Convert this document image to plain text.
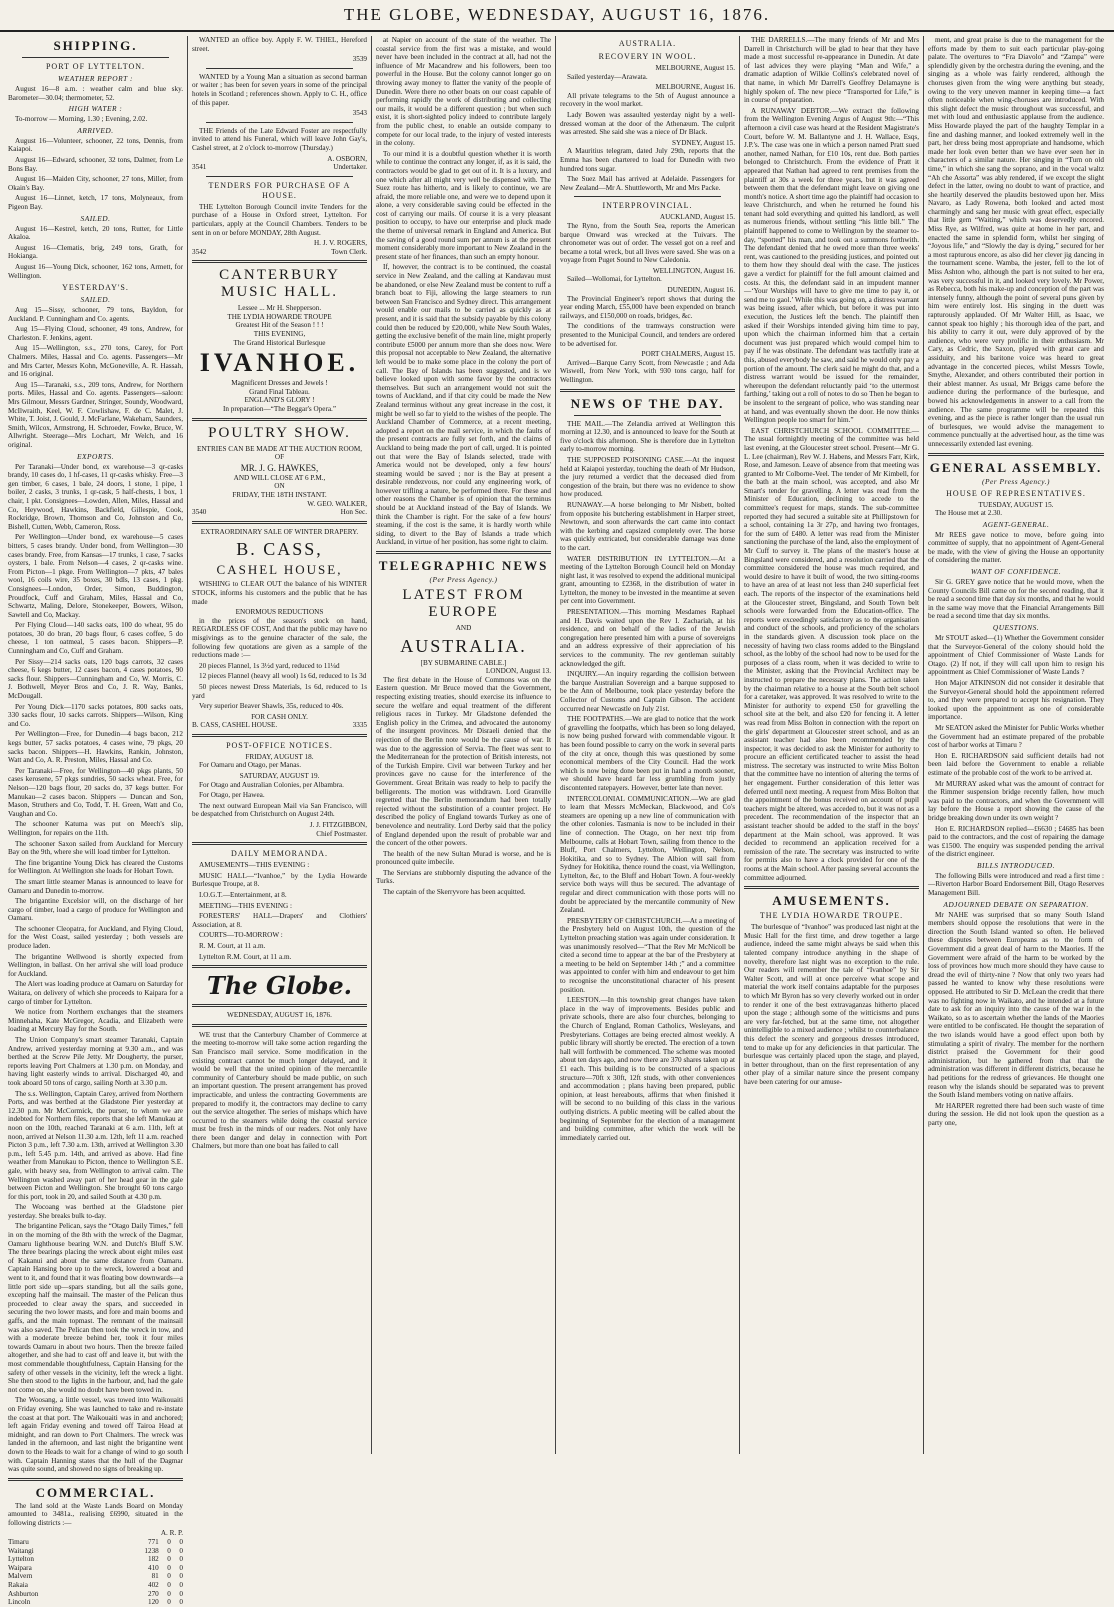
THE GLOBE, WEDNESDAY, AUGUST 16, 1876.
SHIPPING.
PORT OF LYTTELTON.
WEATHER REPORT :

August 16—8 a.m. : weather calm and blue sky. Barometer—30.04; thermometer, 52.

HIGH WATER :

To-morrow — Morning, 1.30 ; Evening, 2.02.

ARRIVED.

August 16—Volunteer, schooner, 22 tons, Dennis, from Kaiapoi.

August 16—Edward, schooner, 32 tons, Dalmer, from Le Bons Bay.

August 16—Maiden City, schooner, 27 tons, Miller, from Okain's Bay.

August 16—Linnet, ketch, 17 tons, Molyneaux, from Pigeon Bay.

SAILED.

August 16—Kestrel, ketch, 20 tons, Rutter, for Little Akaloa.

August 16—Clematis, brig, 249 tons, Grath, for Hokianga.

August 16—Young Dick, schooner, 162 tons, Armett, for Wellington.

YESTERDAY'S.
SAILED.

Aug 15—Sissy, schooner, 79 tons, Bayldon, for Auckland. P. Cunningham and Co. agents.

Aug 15—Flying Cloud, schooner, 49 tons, Andrew, for Charleston. F. Jenkins, agent.

Aug 15—Wellington, s.s., 270 tons, Carey, for Port Chalmers. Miles, Hassal and Co. agents. Passengers—Mr and Mrs Carter, Messrs Kohn, McGoneville, A. R. Hassah, and 16 original.

Aug 15—Taranaki, s.s., 209 tons, Andrew, for Northern ports. Miles, Hassal and Co. agents. Passengers—saloon: Mrs Gilmour, Messrs Gardner, Stringer, Soundy, Woodward, McIlwraith, Keel, W. F. Cowlishaw, F. de C. Malet, J. White, T. Joist, J. Gould, J. McFarlane, Wakeham, Saunders, Smith, Wilcox, Armstrong, H. Schroeder, Fowke, Bruce, W. Allwright. Steerage—Mrs Lochart, Mr Welch, and 16 original.

EXPORTS.

Per Taranaki—Under bond, ex warehouse—3 qr-casks brandy, 10 cases do, 1 hf-cases, 11 qr-casks whisky. Free—3 gen timber, 6 cases, 1 bale, 24 doors, 1 stone, 1 pipe, 1 boiler, 2 casks, 3 trunks, 1 qr-cask, 5 half-chests, 1 box, 1 chair, 1 pkt. Consignees—Lowden, Allen, Miles, Hassal and Co, Heywood, Hawkins, Backfield, Gillespie, Cook, Rockridge, Brown, Thomson and Co, Johnston and Co, Bishell, Cutten, Webb, Cameron, Ross.

Per Wellington—Under bond, ex warehouse—5 cases bitters, 5 cases brandy. Under bond, from Wellington—30 cases brandy. Free, from Kansas—17 trunks, 1 case, 7 sacks oysters, 1 bale. From Nelson—4 cases, 2 qr-casks wine. From Picton—1 pkge. From Wellington—7 pkts, 47 bales wool, 16 coils wire, 35 boxes, 30 bdls, 13 cases, 1 pkg. Consignees—London, Order, Simon, Buddington, Proudfock, Cuff and Graham, Miles, Hassal and Co, Schwartz, Maling, Delore, Stonekeeper, Bowers, Wilson, Sawtell and Co, Mackay.

Per Flying Cloud—140 sacks oats, 100 do wheat, 95 do potatoes, 30 do bran, 20 bags flour, 6 cases coffee, 5 do cheese, 1 ton oatmeal, 5 cases bacon. Shippers—P. Cunningham and Co, Cuff and Graham.

Per Sissy—214 sacks oats, 120 bags carrots, 32 cases cheese, 6 kegs butter, 12 cases bacon, 4 cases potatoes, 90 sacks flour. Shippers—Cunningham and Co, W. Morris, C. J. Bothwell, Meyer Bros and Co, J. R. Way, Banks, McDougall.

Per Young Dick—1170 sacks potatoes, 800 sacks oats, 330 sacks flour, 10 sacks carrots. Shippers—Wilson, King and Co.

Per Wellington—Free, for Dunedin—4 bags bacon, 212 kegs butter, 57 sacks potatoes, 4 cases wine, 79 pkgs, 20 sacks bacon. Shippers—H. Hawkins, Rankin, Johnston, Watt and Co, A. R. Preston, Miles, Hassal and Co.

Per Taranaki—Free, for Wellington—40 pkgs plants, 50 cases kerosene, 57 pkgs sundries, 50 sacks wheat. Free, for Nelson—120 bags flour, 20 sacks do, 37 kegs butter. For Manukau—2 cases bacon. Shippers — Duncan and Son, Mason, Struthers and Co, Todd, T. H. Green, Watt and Co, Vaughan and Co.

The schooner Katuma was put on Meech's slip, Wellington, for repairs on the 11th.

The schooner Saxon sailed from Auckland for Mercury Bay on the 9th, where she will load timber for Lyttelton.

The fine brigantine Young Dick has cleared the Customs for Wellington. At Wellington she loads for Hobart Town.

The smart little steamer Manas is announced to leave for Oamaru and Dunedin to-morrow.

The brigantine Excelsior will, on the discharge of her cargo of timber, load a cargo of produce for Wellington and Oamaru.

The schooner Cleopatra, for Auckland, and Flying Cloud, for the West Coast, sailed yesterday ; both vessels are produce laden.

The brigantine Wellwood is shortly expected from Wellington, in ballast. On her arrival she will load produce for Auckland.

The Alert was loading produce at Oamaru on Saturday for Waitara, on delivery of which she proceeds to Kaipara for a cargo of timber for Lyttelton.

We notice from Northern exchanges that the steamers Minnehaha, Kate McGregor, Acadia, and Elizabeth were loading at Mercury Bay for the South.

The Union Company's smart steamer Taranaki, Captain Andrew, arrived yesterday morning at 9.30 a.m., and was berthed at the Screw Pile Jetty. Mr Dougherty, the purser, reports leaving Port Chalmers at 1.30 p.m. on Monday, and having light easterly winds to arrival. Discharged 40, and took aboard 50 tons of cargo, sailing North at 3.30 p.m.

The s.s. Wellington, Captain Carey, arrived from Northern Ports, and was berthed at the Gladstone Pier yesterday at 12.30 p.m. Mr McCormick, the purser, to whom we are indebted for Northern files, reports that she left Manukau at noon on the 10th, reached Taranaki at 6 a.m. 11th, left at noon, arrived at Nelson 11.30 a.m. 12th, left 11 a.m. reached Picton 3 p.m., left 7.30 a.m. 13th, arrived at Wellington 3.30 p.m., left 5.45 p.m. 14th, and arrived as above. Had fine weather from Manukau to Picton, thence to Wellington S.E. gale, with heavy sea, from Wellington to arrival calm. The Wellington washed away part of her head gear in the gale between Picton and Wellington. She brought 60 tons cargo for this port, took in 20, and sailed South at 4.30 p.m.

The Wocoang was berthed at the Gladstone pier yesterday. She breaks bulk to-day.

The brigantine Pelican, says the “Otago Daily Times,” fell in on the morning of the 8th with the wreck of the Dagmar, Oamaru lighthouse bearing W.N. and Dutch's Bluff S.W. The three bearings placing the wreck about eight miles east of Kakanui and about the same distance from Oamaru. Captain Hansing bore up to the wreck, lowered a boat and went to it, and found that it was floating bow downwards—a little port side up—spars standing, but all the sails gone, excepting half the mainsail. The master of the Pelican thus proceeded to clear away the spars, and succeeded in securing the two lower masts, and fore and main booms and gaffs, and the main topmast. The remnant of the mainsail was also saved. The Pelican then took the wreck in tow, and with a moderate breeze behind her, took it four miles towards Oamaru in about two hours. Then the breeze failed altogether, and she had to cast off and leave it, but with the most commendable thoughtfulness, Captain Hansing for the safety of other vessels in the vicinity, left the wreck a light. She then stood to the lights in the harbour, and, had the gale not come on, she would no doubt have been towed in.

The Woosang, a little vessel, was towed into Waikouaiti on Friday evening. She was launched to take and re-instate the coast at that port. The Waikouaiti was in and anchored; left again Friday evening and towed off Tairoa Head at midnight, and ran down to Port Chalmers. The wreck was landed in the afternoon, and last night the brigantine went down to the Heads to wait for a change of wind to go south with. Captain Hanning states that the hull of the Dagmar was quite sound, and showed no signs of breaking up.

COMMERCIAL.

The land sold at the Waste Lands Board on Monday amounted to 3481a., realising £6990, situated in the following districts :—

A. R. P.
Timaru	771	0	0
Waitangi	1238	0	0
Lyttelton	182	0	0
Waipara	410	0	0
Malvern	81	0	0
Rakaia	402	0	0
Ashburton	270	0	0
Lincoln	120	0	0

WANTED an office boy. Apply F. W. THIEL, Hereford street.

3539

WANTED by a Young Man a situation as second barman or waiter ; has been for seven years in some of the principal hotels in Scotland ; references shown. Apply to C. H., office of this paper.

3543

THE Friends of the Late Edward Foster are respectfully invited to attend his Funeral, which will leave John Gay's, Cashel street, at 2 o'clock to-morrow (Thursday.)

A. OSBORN,
3541	Undertaker.
TENDERS FOR PURCHASE OF A HOUSE.

THE Lyttelton Borough Council invite Tenders for the purchase of a House in Oxford street, Lyttelton. For particulars, apply at the Council Chambers. Tenders to be sent in on or before MONDAY, 28th August.

H. J. V. ROGERS,
3542	Town Clerk.
CANTERBURY MUSIC HALL.
Lessee ... Mr H. Shepperson.
THE LYDIA HOWARDE TROUPE
Greatest Hit of the Season ! ! !
THIS EVENING,
The Grand Historical Burlesque
IVANHOE.
Magnificent Dresses and Jewels !
Grand Final Tableau.
ENGLAND'S GLORY !
In preparation—“The Beggar's Opera.”
POULTRY SHOW.
ENTRIES CAN BE MADE AT THE AUCTION ROOM,
OF
MR. J. G. HAWKES,
AND WILL CLOSE AT 6 P.M.,
ON
FRIDAY, THE 18TH INSTANT.
W. GEO. WALKER,
3540	Hon Sec.
EXTRAORDINARY SALE OF WINTER DRAPERY.
B. CASS,
CASHEL HOUSE,

WISHING to CLEAR OUT the balance of his WINTER STOCK, informs his customers and the public that he has made

ENORMOUS REDUCTIONS

in the prices of the season's stock on hand, REGARDLESS OF COST, And that the public may have no misgivings as to the genuine character of the sale, the following few quotations are given as a sample of the reductions made :—

20 pieces Flannel, 1s 3½d yard, reduced to 11¼d

12 pieces Flannel (heavy all wool) 1s 6d, reduced to 1s 3d

50 pieces newest Dress Materials, 1s 6d, reduced to 1s yard

Very superior Beaver Shawls, 35s, reduced to 40s.

FOR CASH ONLY.
B. CASS, CASHEL HOUSE.	3335
POST-OFFICE NOTICES.
FRIDAY, AUGUST 18.

For Oamaru and Otago, per Manas.

SATURDAY, AUGUST 19.

For Otago and Australian Colonies, per Albambra.

For Otago, per Hawea.

The next outward European Mail via San Francisco, will be despatched from Christchurch on August 24th.

J. J. FITZGIBBON,
Chief Postmaster.
DAILY MEMORANDA.

AMUSEMENTS—THIS EVENING :

MUSIC HALL—“Ivanhoe,” by the Lydia Howarde Burlesque Troupe, at 8.

I.O.G.T.—Entertainment, at 8.

MEETING—THIS EVENING :

FORESTERS' HALL—Drapers' and Clothiers' Association, at 8.

COURTS—TO-MORROW :

R. M. Court, at 11 a.m.

Lyttelton R.M. Court, at 11 a.m.

The Globe.
WEDNESDAY, AUGUST 16, 1876.

WE trust that the Canterbury Chamber of Commerce at the meeting to-morrow will take some action regarding the San Francisco mail service. Some modification in the existing contract cannot be much longer delayed, and it would be well that the united opinion of the mercantile community of Canterbury should be made public, on such an important question. The present arrangement has proved impracticable, and unless the contracting Governments are prepared to modify it, the contractors may decline to carry out the service altogether. The series of mishaps which have occurred to the steamers while doing the coastal service must be fresh in the minds of our readers. Not only have there been danger and delay in connection with Port Chalmers, but more than one boat has failed to call

at Napier on account of the state of the weather. The coastal service from the first was a mistake, and would never have been included in the contract at all, had not the influence of Mr Macandrew and his followers, been too powerful in the House. But the colony cannot longer go on throwing away money to flatter the vanity of the people of Dunedin. Were there no other boats on our coast capable of performing rapidly the work of distributing and collecting our mails, it would be a different question ; but when such exist, it is short-sighted policy indeed to contribute largely from the public chest, to enable an outside company to compete for our local trade, to the injury of vested interests in the colony.

To our mind it is a doubtful question whether it is worth while to continue the contract any longer, if, as it is said, the contractors would be glad to get out of it. It is a luxury, and one which after all might very well be dispensed with. The Suez route has hitherto, and is likely to continue, we are afraid, the more reliable one, and were we to depend upon it alone, a very considerable saving could be effected in the cost of carrying our mails. Of course it is a very pleasant position to occupy, to have our enterprise and pluck made the theme of universal remark in England and America. But the saving of a good round sum per annum is at the present moment considerably more important to New Zealand in the present state of her finances, than such an empty honour.

If, however, the contract is to be continued, the coastal service in New Zealand, and the calling at Kandavau must be abandoned, or else New Zealand must be content to ruff a branch boat to Fiji, allowing the large steamers to run between San Francisco and Sydney direct. This arrangement would enable our mails to be carried as quickly as at present, and it is said that the subsidy payable by this colony could then be reduced by £20,000, while New South Wales, getting the exclusive benefit of the main line, might properly contribute £5000 per annum more than she does now. Were this proposal not acceptable to New Zealand, the alternative left would be to make some place in the colony the port of call. The Bay of Islands has been suggested, and is we believe looked upon with some favor by the contractors themselves. But such an arrangement would not suit the towns of Auckland, and if that city could be made the New Zealand terminus without any great increase in the cost, it might be well so far to yield to the wishes of the people. The Auckland Chamber of Commerce, at a recent meeting, adopted a report on the mail service, in which the faults of the present contracts are fully set forth, and the claims of Auckland to being made the port of call, urged. It is pointed out that were the Bay of Islands selected, trade with America would not be developed, only a few hours' steaming would be saved ; nor is the Bay at present a desirable rendezvous, nor could any engineering work, of however trifling a nature, be performed there. For these and other reasons the Chamber is of opinion that the terminus should be at Auckland instead of the Bay of Islands. We think the Chamber is right. For the sake of a few hours' steaming, if the cost is the same, it is hardly worth while siding, to divert to the Bay of Islands a trade which Auckland, in virtue of her position, has some right to claim.

TELEGRAPHIC NEWS
(Per Press Agency.)
LATEST FROM EUROPE
AND
AUSTRALIA.
[BY SUBMARINE CABLE.]
LONDON, August 13.

The first debate in the House of Commons was on the Eastern question. Mr Bruce moved that the Government, respecting existing treaties, should exercise its influence to secure the welfare and equal treatment of the different religious races in Turkey. Mr Gladstone defended the English policy in the Crimea, and advocated the autonomy of the insurgent provinces. Mr Disraeli denied that the rejection of the Berlin note would be the cause of war. It was due to the aggression of Servia. The fleet was sent to the Mediterranean for the protection of British interests, not of the Turkish Empire. Civil war between Turkey and her provinces gave no cause for the interference of the Government. Great Britain was ready to help to pacify the belligerents. The motion was withdrawn. Lord Granville regretted that the Berlin memorandum had been totally rejected without the substitution of a counter project. He described the policy of England towards Turkey as one of benevolence and neutrality. Lord Derby said that the policy of England depended upon the result of probable war and the concert of the other powers.

The health of the new Sultan Murad is worse, and he is pronounced quite imbecile.

The Servians are stubbornly disputing the advance of the Turks.

The captain of the Skerryvore has been acquitted.

AUSTRALIA.
RECOVERY IN WOOL.
MELBOURNE, August 15.

Sailed yesterday—Arawata.

MELBOURNE, August 16.

All private telegrams to the 5th of August announce a recovery in the wool market.

Lady Bowen was assaulted yesterday night by a well-dressed woman at the door of the Athenæum. The culprit was arrested. She said she was a niece of Dr Black.

SYDNEY, August 15.

A Mauritius telegram, dated July 29th, reports that the Emma has been chartered to load for Dunedin with two hundred tons sugar.

The Suez Mail has arrived at Adelaide. Passengers for New Zealand—Mr A. Shuttleworth, Mr and Mrs Packe.

INTERPROVINCIAL.
AUCKLAND, August 15.

The Ryno, from the South Sea, reports the American barque Onward was wrecked at the Tuivars. The chronometer was out of order. The vessel got on a reef and became a total wreck, but all lives were saved. She was on a voyage from Puget Sound to New Caledonia.

WELLINGTON, August 16.

Sailed—Wollomai, for Lyttelton.

DUNEDIN, August 16.

The Provincial Engineer's report shows that during the year ending March, £55,000 have been expended on branch railways, and £150,000 on roads, bridges, &c.

The conditions of the tramways construction were presented to the Municipal Council, and tenders are ordered to be advertised for.

PORT CHALMERS, August 15.

Arrived—Barque Carry Scott, from Newcastle ; and Ada Wiswell, from New York, with 930 tons cargo, half for Wellington.

NEWS OF THE DAY.

THE MAIL.—The Zelandia arrived at Wellington this morning at 12.30, and is announced to leave for the South at five o'clock this afternoon. She is therefore due in Lyttelton early to-morrow morning.

THE SUPPOSED POISONING CASE.—At the inquest held at Kaiapoi yesterday, touching the death of Mr Hudson, the jury returned a verdict that the deceased died from congestion of the brain, but there was no evidence to show how produced.

RUNAWAY.—A horse belonging to Mr Nisbett, bolted from opposite his butchering establishment in Harper street, Newtown, and soon afterwards the cart came into contact with the kerbing and capsized completely over. The horse was quickly extricated, but considerable damage was done to the cart.

WATER DISTRIBUTION IN LYTTELTON.—At a meeting of the Lyttelton Borough Council held on Monday night last, it was resolved to expend the additional municipal grant, amounting to £2368, in the distribution of water in Lyttelton, the money to be invested in the meantime at seven per cent into Government.

PRESENTATION.—This morning Mesdames Raphael and H. Davis waited upon the Rev I. Zachariah, at his residence, and on behalf of the ladies of the Jewish congregation here presented him with a purse of sovereigns and an address expressive of their appreciation of his services to the community. The rev gentleman suitably acknowledged the gift.

INQUIRY.—An inquiry regarding the collision between the barque Australian Sovereign and a barque supposed to be the Ann of Melbourne, took place yesterday before the Collector of Customs and Captain Gibson. The accident occurred near Newcastle on July 21st.

THE FOOTPATHS.—We are glad to notice that the work of gravelling the footpaths, which has been so long delayed, is now being pushed forward with commendable vigour. It has been found possible to carry on the work in several parts of the city at once, though this was questioned by some economical members of the City Council. Had the work which is now being done been put in hand a month sooner, we should have heard far less grumbling from justly discontented ratepayers. However, better late than never.

INTERCOLONIAL COMMUNICATION.—We are glad to learn that Messrs McMeckan, Blackwood, and Co's steamers are opening up a new line of communication with the other colonies. Tasmania is now to be included in their line of connection. The Otago, on her next trip from Melbourne, calls at Hobart Town, sailing from thence to the Bluff, Port Chalmers, Lyttelton, Wellington, Nelson, Hokitika, and so to Sydney. The Albion will sail from Sydney for Hokitika, thence round the coast, via Wellington, Lyttelton, &c, to the Bluff and Hobart Town. A four-weekly service both ways will thus be secured. The advantage of regular and direct communication with those ports will no doubt be appreciated by the mercantile community of New Zealand.

PRESBYTERY OF CHRISTCHURCH.—At a meeting of the Presbytery held on August 10th, the question of the Lyttelton preaching station was again under consideration. It was unanimously resolved—“That the Rev Mr McNicoll be cited a second time to appear at the bar of the Presbytery at a meeting to be held on September 14th ;” and a committee was appointed to confer with him and endeavour to get him to recognise the unconstitutional character of his present position.

LEESTON.—In this township great changes have taken place in the way of improvements. Besides public and private schools, there are also four churches, belonging to the Church of England, Roman Catholics, Wesleyans, and Presbyterians. Cottages are being erected almost weekly. A public library will shortly be erected. The erection of a town hall will forthwith be commenced. The scheme was mooted about ten days ago, and now there are 370 shares taken up at £1 each. This building is to be constructed of a spacious structure—70ft x 30ft, 12ft studs, with other conveniences and accommodation ; plans having been prepared, public opinion, at least hereabouts, affirms that when finished it will be second to no building of this class in the various outlying districts. A public meeting will be called about the beginning of September for the election of a management and building committee, after which the work will be immediately carried out.

THE DARRELLS.—The many friends of Mr and Mrs Darrell in Christchurch will be glad to hear that they have made a most successful re-appearance in Dunedin. At date of last advices they were playing “Man and Wife,” a dramatic adaption of Wilkie Collins's celebrated novel of that name, in which Mr Darrell's Geoffrey Delamayne is highly spoken of. The new piece “Transported for Life,” is in course of preparation.

A RUNAWAY DEBTOR.—We extract the following from the Wellington Evening Argus of August 9th:—“This afternoon a civil case was heard at the Resident Magistrate's Court, before W. M. Ballantyne and J. H. Wallace, Esqs, J.P.'s. The case was one in which a person named Pratt sued another, named Nathan, for £10 10s, rent due. Both parties belonged to Christchurch. From the evidence of Pratt it appeared that Nathan had agreed to rent premises from the plaintiff at 30s a week for three years, but it was agreed between them that the defendant might leave on giving one month's notice. A short time ago the plaintiff had occasion to leave Christchurch, and when he returned he found his tenant had sold everything and quitted his landlord, as well as numerous friends, without settling “his little bill.” The plaintiff happened to come to Wellington by the steamer to-day, “spotted” his man, and took out a summons forthwith. The defendant denied that he owed more than three weeks' rent, was cautioned to the presiding justices, and pointed out to them how they should deal with the case. The justices gave a verdict for plaintiff for the full amount claimed and costs. At this, the defendant said in an impudent manner—‘Your Worships will have to give me time to pay it, or send me to gaol.’ While this was going on, a distress warrant was being issued, after which, but before it was put into execution, the Justices left the bench. The plaintiff then asked if their Worships intended giving him time to pay, upon which the chairman informed him that a certain document was just prepared which would compel him to pay if he was obstinate. The defendant was tactfully irate at this, abused everybody he saw, and said he would only pay a portion of the amount. The clerk said he might do that, and a distress warrant would be issued for the remainder, whereupon the defendant reluctantly paid ‘to the uttermost farthing,’ taking out a roll of notes to do so Then he began to be insolent to the sergeant of police, who was standing near at hand, and was eventually shown the door. He now thinks Wellington people too smart for him.”

EAST CHRISTCHURCH SCHOOL COMMITTEE.—The usual fortnightly meeting of the committee was held last evening, at the Gloucester street school. Present—Mr G. L. Lee (chairman), Rev W. J. Habens, and Messrs Farr, Kirk, Rose, and Jameson. Leave of absence from that meeting was granted to Mr Colborne-Veel. The tender of Mr Kimbell, for the bath at the main school, was accepted, and also Mr Smart's tender for gravelling. A letter was read from the Minister of Education, declining to accede to the committee's request for maps, stands. The sub-committee reported they had secured a suitable site at Phillipstown for a school, containing 1a 3r 27p, and having two frontages, for the sum of £480. A letter was read from the Minister sanctioning the purchase of the land, also the employment of Mr Cuff to survey it. The plans of the master's house at Bingsland were considered, and a resolution carried that the committee considered the house was much required, and would desire to have it built of wood, the two sitting-rooms to have an area of at least not less than 240 superficial feet each. The reports of the inspector of the examinations held at the Gloucester street, Bingsland, and South Town belt schools were forwarded from the Education-office. The reports were exceedingly satisfactory as to the organisation and conduct of the schools, and proficiency of the scholars in the standards given. A discussion took place on the necessity of having two class rooms added to the Bingsland school, as the lobby of the school had now to be used for the purposes of a class room, when it was decided to write to the Minister, asking that the Provincial Architect may be instructed to prepare the necessary plans. The action taken by the chairman relative to a house at the South belt school for a caretaker, was approved. It was resolved to write to the Minister for authority to expend £50 for gravelling the school site at the belt, and also £20 for fencing it. A letter was read from Miss Bolton in connection with the report on the girls' department at Gloucester street school, and as an assistant teacher had also been recommended by the inspector, it was decided to ask the Minister for authority to procure an efficient certificated teacher to assist the head mistress. The secretary was instructed to write Miss Bolton that the committee have no intention of altering the terms of her engagement. Further consideration of this letter was deferred until next meeting. A request from Miss Bolton that the appointment of the bonus received on account of pupil teachers might be altered, was acceded to, but it was not as a precedent. The recommendation of the inspector that an assistant teacher should be added to the staff in the boys' department at the Main school, was approved. It was decided to recommend an application received for a remission of the rate. The secretary was instructed to write for permits also to have a clock provided for one of the rooms at the Main school. After passing several accounts the committee adjourned.

AMUSEMENTS.
THE LYDIA HOWARDE TROUPE.

The burlesque of “Ivanhoe” was produced last night at the Music Hall for the first time, and drew together a large audience, indeed the same might always be said when this talented company introduce anything in the shape of novelty, therefore last night was no exception to the rule. Our readers will remember the tale of “Ivanhoe” by Sir Walter Scott, and will at once perceive what scope and material the work itself contains adaptable for the purposes to which Mr Byron has so very cleverly worked out in order to render it one of the best extravaganzas hitherto placed upon the stage ; although some of the witticisms and puns are very far-fetched, but at the same time, not altogether unintelligible to a mixed audience ; whilst to counterbalance this defect the scenery and gorgeous dresses introduced, tend to make up for any deficiencies in that particular. The burlesque was certainly placed upon the stage, and played, in better throughout, than on the first representation of any other play of a similar nature since the present company have been catering for our amuse-

ment, and great praise is due to the management for the efforts made by them to suit each particular play-going palate. The overtures to “Fra Diavolo” and “Zampa” were splendidly given by the orchestra during the evening, and the singing as a whole was fairly rendered, although the choruses given from the wing were anything but steady, owing to the very uneven manner in keeping time—a fact often noticeable when wing-choruses are introduced. With this slight defect the music throughout was successful, and met with loud and enthusiastic applause from the audience. Miss Howarde played the part of the haughty Templar in a fine and dashing manner, and looked extremely well in the part, her dress being most appropriate and handsome, which made her look even better than we have ever seen her in characters of a similar nature. Her singing in “Turn on old time,” in which she sang the soprano, and in the vocal waltz “Ah che Assorta” was ably rendered, if we except the slight defect in the latter, owing no doubt to want of practice, and she heartily deserved the plaudits bestowed upon her. Miss Navaro, as Lady Rowena, both looked and acted most charmingly and sang her music with great effect, especially that little gem “Waiting,” which was deservedly encored. Miss Rye, as Wilfred, was quite at home in her part, and enacted the same in splendid form, whilst her singing of “Joyous life,” and “Slowly the day is dying,” secured for her a most rapturous encore, as also did her clever jig dancing in the tournament scene. Wamba, the jester, fell to the lot of Miss Ashton who, although the part is not suited to her era, was very successful in it, and looked very lovely. Mr Power, as Rebecca, both his make-up and conception of the part was intensely funny, although the point of several puns given by him were entirely lost. His singing in the duett was rapturously applauded. Of Mr Walter Hill, as Isaac, we cannot speak too highly ; his thorough idea of the part, and his ability to carry it out, were duly approved of by the audience, who were very prolific in their enthusiasm. Mr Cary, as Cedric, the Saxon, played with great care and assiduity, and his baritone voice was heard to great advantage in the concerted pieces, whilst Messrs Towle, Smythe, Alexander, and others contributed their portion in their ablest manner. As usual, Mr Briggs came before the audience during the performance of the burlesque, and bowed his acknowledgements in answer to a call from the audience. The same programme will be repeated this evening, and as the piece is rather longer than the usual run of burlesques, we would advise the management to commence punctually at the advertised hour, as the time was unnecessarily extended last evening.

GENERAL ASSEMBLY.
(Per Press Agency.)
HOUSE OF REPRESENTATIVES.
TUESDAY, AUGUST 15.

The House met at 2.30.

AGENT-GENERAL.

Mr REES gave notice to move, before going into committee of supply, that no appointment of Agent-General be made, with the view of giving the House an opportunity of considering the matter.

WANT OF CONFIDENCE.

Sir G. GREY gave notice that he would move, when the County Councils Bill came on for the second reading, that it be read a second time that day six months, and that he would in the same way move that the Financial Arrangements Bill be read a second time that day six months.

QUESTIONS.

Mr STOUT asked—(1) Whether the Government consider that the Surveyor-General of the colony should hold the appointment of Chief Commissioner of Waste Lands for Otago. (2) If not, if they will call upon him to resign his appointment as Chief Commissioner of Waste Lands ?

Hon Major ATKINSON did not consider it desirable that the Surveyor-General should hold the appointment referred to, and they were prepared to accept his resignation. They looked upon the appointment as one of considerable importance.

Mr SEATON asked the Minister for Public Works whether the Government had an estimate prepared of the probable cost of harbor works at Timaru ?

Hon E. RICHARDSON said sufficient details had not been laid before the Government to enable a reliable estimate of the probable cost of the work to be arrived at.

Mr MURRAY asked what was the amount of contract for the Rimmer suspension bridge recently fallen, how much was paid to the contractors, and when the Government will lay before the House a report showing the cause of the bridge breaking down under its own weight ?

Hon E. RICHARDSON replied—£6630 ; £4685 has been paid to the contractors, and the cost of repairing the damage was £1500. The enquiry was suspended pending the arrival of the district engineer.

BILLS INTRODUCED.

The following Bills were introduced and read a first time :—Riverton Harbor Board Endorsement Bill, Otago Reserves Management Bill.

ADJOURNED DEBATE ON SEPARATION.

Mr NAHE was surprised that so many South Island members should oppose the resolutions that were in the direction the South Island wanted so often. He believed these disputes between Europeans as to the form of Government did a great deal of harm to the Maories. If the Government were afraid of the harm to be worked by the loss of provinces how much more should they have cause to dread the evil of thirty-nine ? Now that only two years had passed he wanted to know why these resolutions were opposed. He attributed to Sir D. McLean the credit that there was no fighting now in Waikato, and he intended at a future date to ask for an inquiry into the cause of the war in the Waikato, so as to ascertain whether the lands of the Maories were entitled to be confiscated. He thought the separation of the two islands would have a good effect upon both by stimulating a spirit of rivalry. The member for the northern district praised the Government for their good administration, but he gathered from that that the administration was different in different districts, because he had petitions for the redress of grievances. He thought one reason why the islands should be separated was to prevent the South Island members voting on native affairs.

Mr HARPER regretted there had been such waste of time during the session. He did not look upon the question as a party one,
